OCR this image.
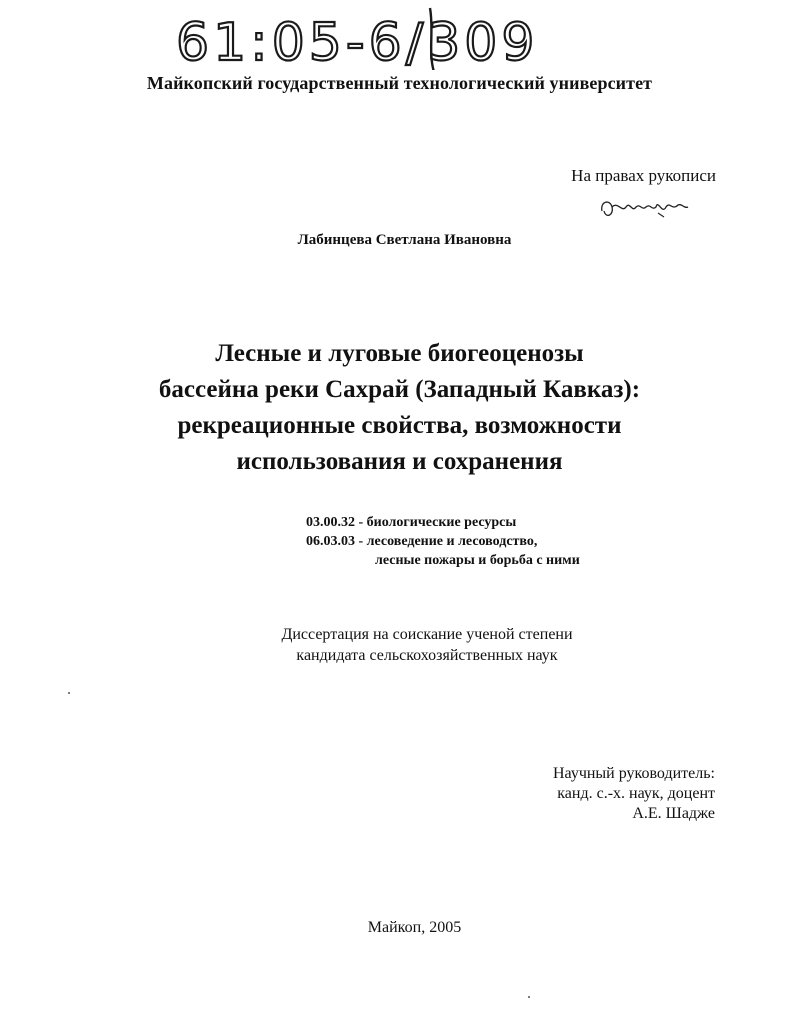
61:05-6/309
Майкопский государственный технологический университет
На правах рукописи
Лабинцева Светлана Ивановна
Лесные и луговые биогеоценозы
бассейна реки Сахрай (Западный Кавказ):
рекреационные свойства, возможности
использования и сохранения
03.00.32 - биологические ресурсы
06.03.03 - лесоведение и лесоводство,
лесные пожары и борьба с ними
Диссертация на соискание ученой степени
кандидата сельскохозяйственных наук
Научный руководитель:
канд. с.-х. наук, доцент
А.Е. Шадже
Майкоп, 2005
